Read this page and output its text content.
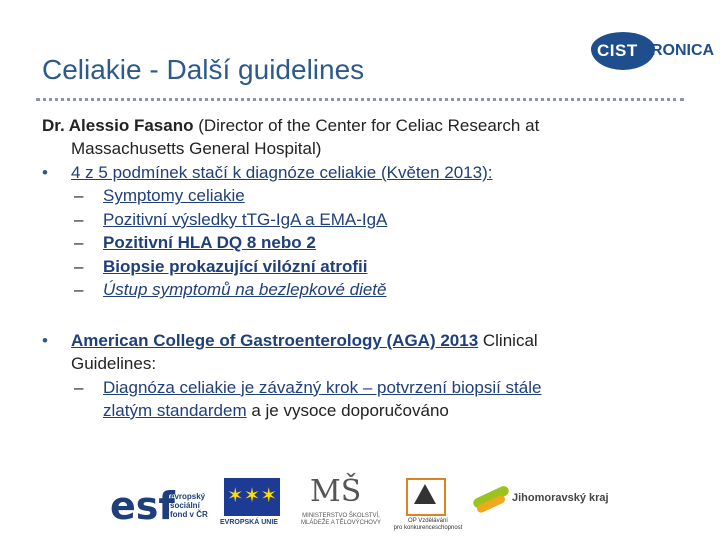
Celiakie - Další guidelines
CIST RONICA

Dr. Alessio Fasano (Director of the Center for Celiac Research at

Massachusetts General Hospital)

• 4 z 5 podmínek stačí k diagnóze celiakie (Květen 2013):
– Symptomy celiakie
– Pozitivní výsledky tTG-IgA a EMA-IgA
– Pozitivní HLA DQ 8 nebo 2
– Biopsie prokazující vilózní atrofii
– Ústup symptomů na bezlepkové dietě
• American College of Gastroenterology (AGA) 2013 Clinical
Guidelines:
– Diagnóza celiakie je závažný krok – potvrzení biopsií stále
zlatým standardem a je vysoce doporučováno
esf
evropský
sociální
fond v ČR
✶✶✶
EVROPSKÁ UNIE
MŠ
MINISTERSTVO ŠKOLSTVÍ,
MLÁDEŽE A TĚLOVÝCHOVY	OP Vzdělávání
pro konkurenceschopnost
Jihomoravský kraj
